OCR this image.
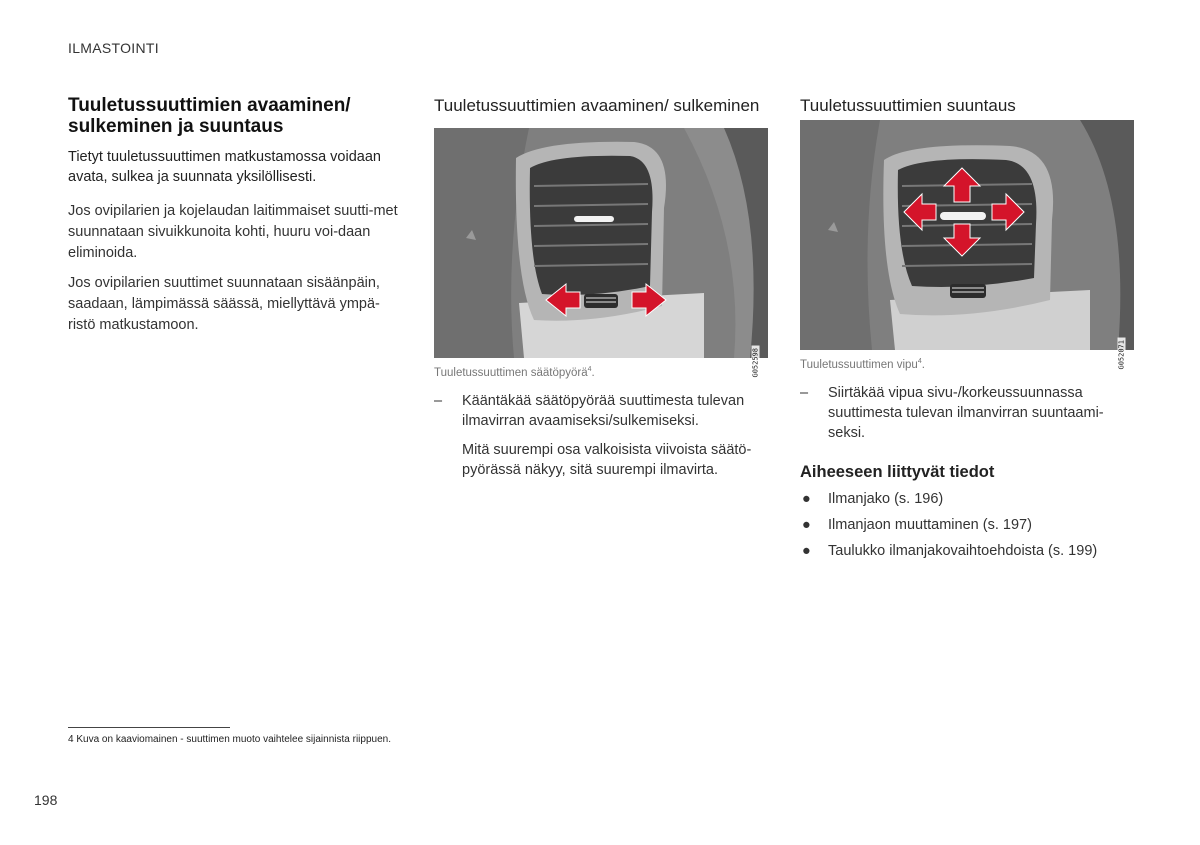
ILMASTOINTI
Tuuletussuuttimien avaaminen/ sulkeminen ja suuntaus

Tietyt tuuletussuuttimen matkustamossa voidaan avata, sulkea ja suunnata yksilöllisesti.

Jos ovipilarien ja kojelaudan laitimmaiset suutti-met suunnataan sivuikkunoita kohti, huuru voi-daan eliminoida.

Jos ovipilarien suuttimet suunnataan sisäänpäin, saadaan, lämpimässä säässä, miellyttävä ympä-ristö matkustamoon.

Tuuletussuuttimien avaaminen/ sulkeminen
G052598

Tuuletussuuttimen säätöpyörä$^4$.

– Kääntäkää säätöpyörää suuttimesta tulevan ilmavirran avaamiseksi/sulkemiseksi.
Mitä suurempi osa valkoisista viivoista säätö-pyörässä näkyy, sitä suurempi ilmavirta.
Tuuletussuuttimien suuntaus
G052071

Tuuletussuuttimen vipu$^4$.

– Siirtäkää vipua sivu-/korkeussuunnassa suuttimesta tulevan ilmanvirran suuntaami-seksi.
Aiheeseen liittyvät tiedot
● Ilmanjako (s. 196)
● Ilmanjaon muuttaminen (s. 197)
● Taulukko ilmanjakovaihtoehdoista (s. 199)
4 Kuva on kaaviomainen - suuttimen muoto vaihtelee sijainnista riippuen.
198
